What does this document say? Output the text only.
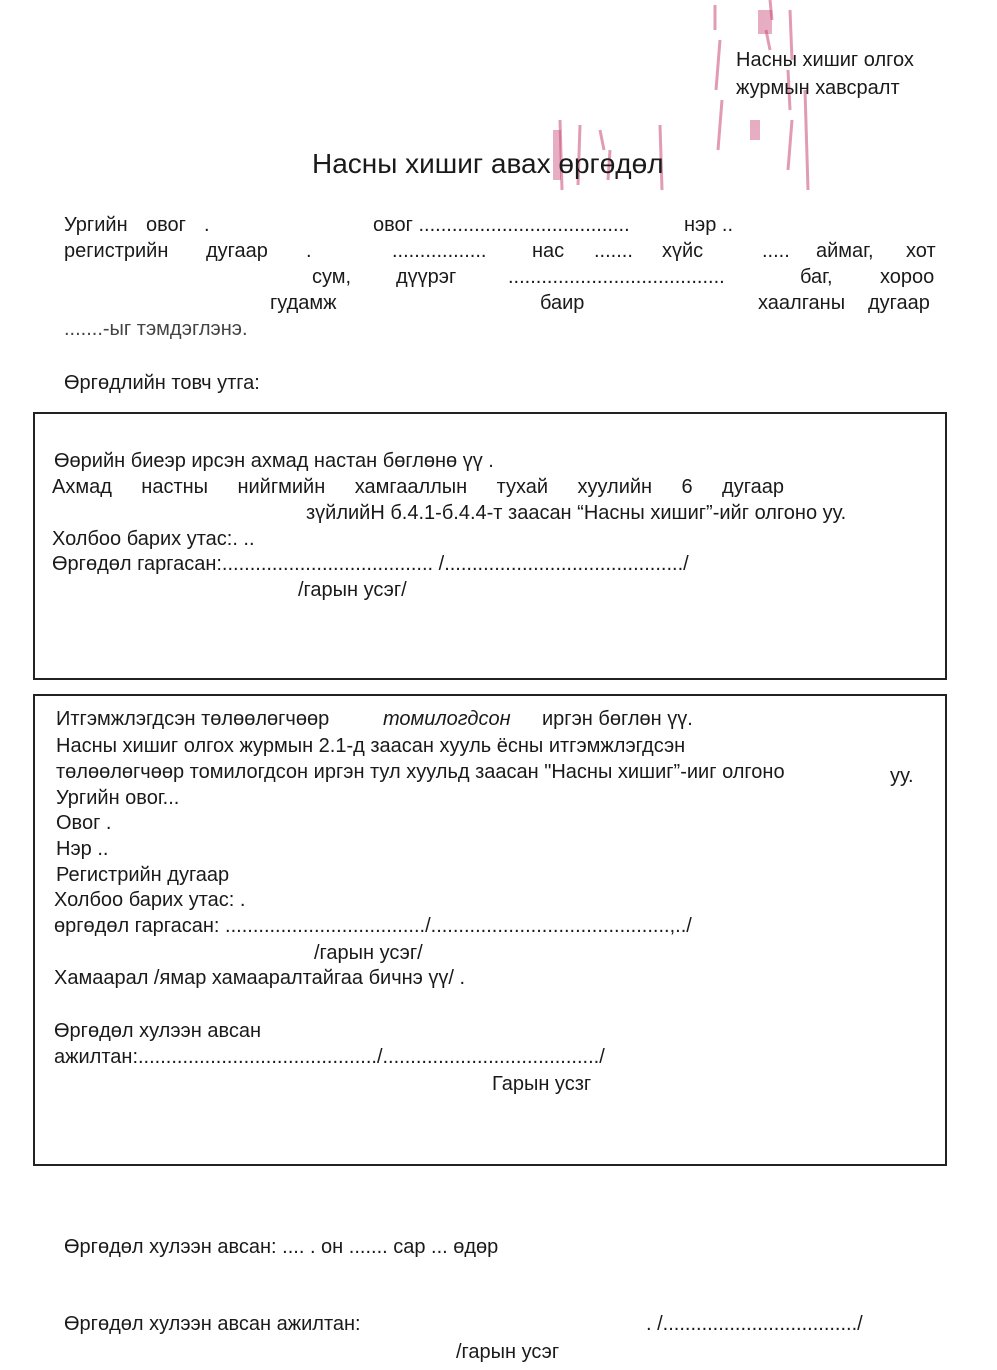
Насны хишиг олгох
журмын хавсралт
Насны хишиг авах өргөдөл
Ургийн овог .	овог ......................................	нэр ..
регистрийн дугаар .	................. нас ....... хүйс	..... аймаг, хот
сум, дүүрэг	.......................................	баг, хороо
гудамж	баир	хаалганы дугаар
.......-ыг тэмдэглэнэ.
Өргөдлийн товч утга:
Өөрийн биеэр ирсэн ахмад настан бөглөнө үү .
Ахмад настны нийгмийн хамгааллын тухай хуулийн 6 дугаар
зүйлийН б.4.1-б.4.4-т заасан “Насны хишиг”-ийг олгоно уу.
Холбоо барих утас:. ..
Өргөдөл гаргасан:...................................... /.........................................../
/гарын усэг/
Итгэмжлэгдсэн төлөөлөгчөөр	томилогдсон иргэн бөглөн үү.
Насны хишиг олгох журмын 2.1-д заасан хууль ёсны итгэмжлэгдсэн
төлөөлөгчөөр томилогдсон иргэн тул хуульд заасан "Насны хишиг”-ииг олгоно	уу.
Ургийн овог...
Овог .
Нэр ..
Регистрийн дугаар
Холбоо барих утас: .
өргөдөл гаргасан: ..................................../...........................................,../
/гарын усэг/
Хамаарал /ямар хамааралтайгаа бичнэ үү/ .
Өргөдөл хулээн авсан
ажилтан:.........................................../......................................./
Гарын усзг
Өргөдөл хулээн авсан: .... . он ....... сар ... өдөр
Өргөдөл хулээн авсан ажилтан:	. /.................................../
/гарын усэг
